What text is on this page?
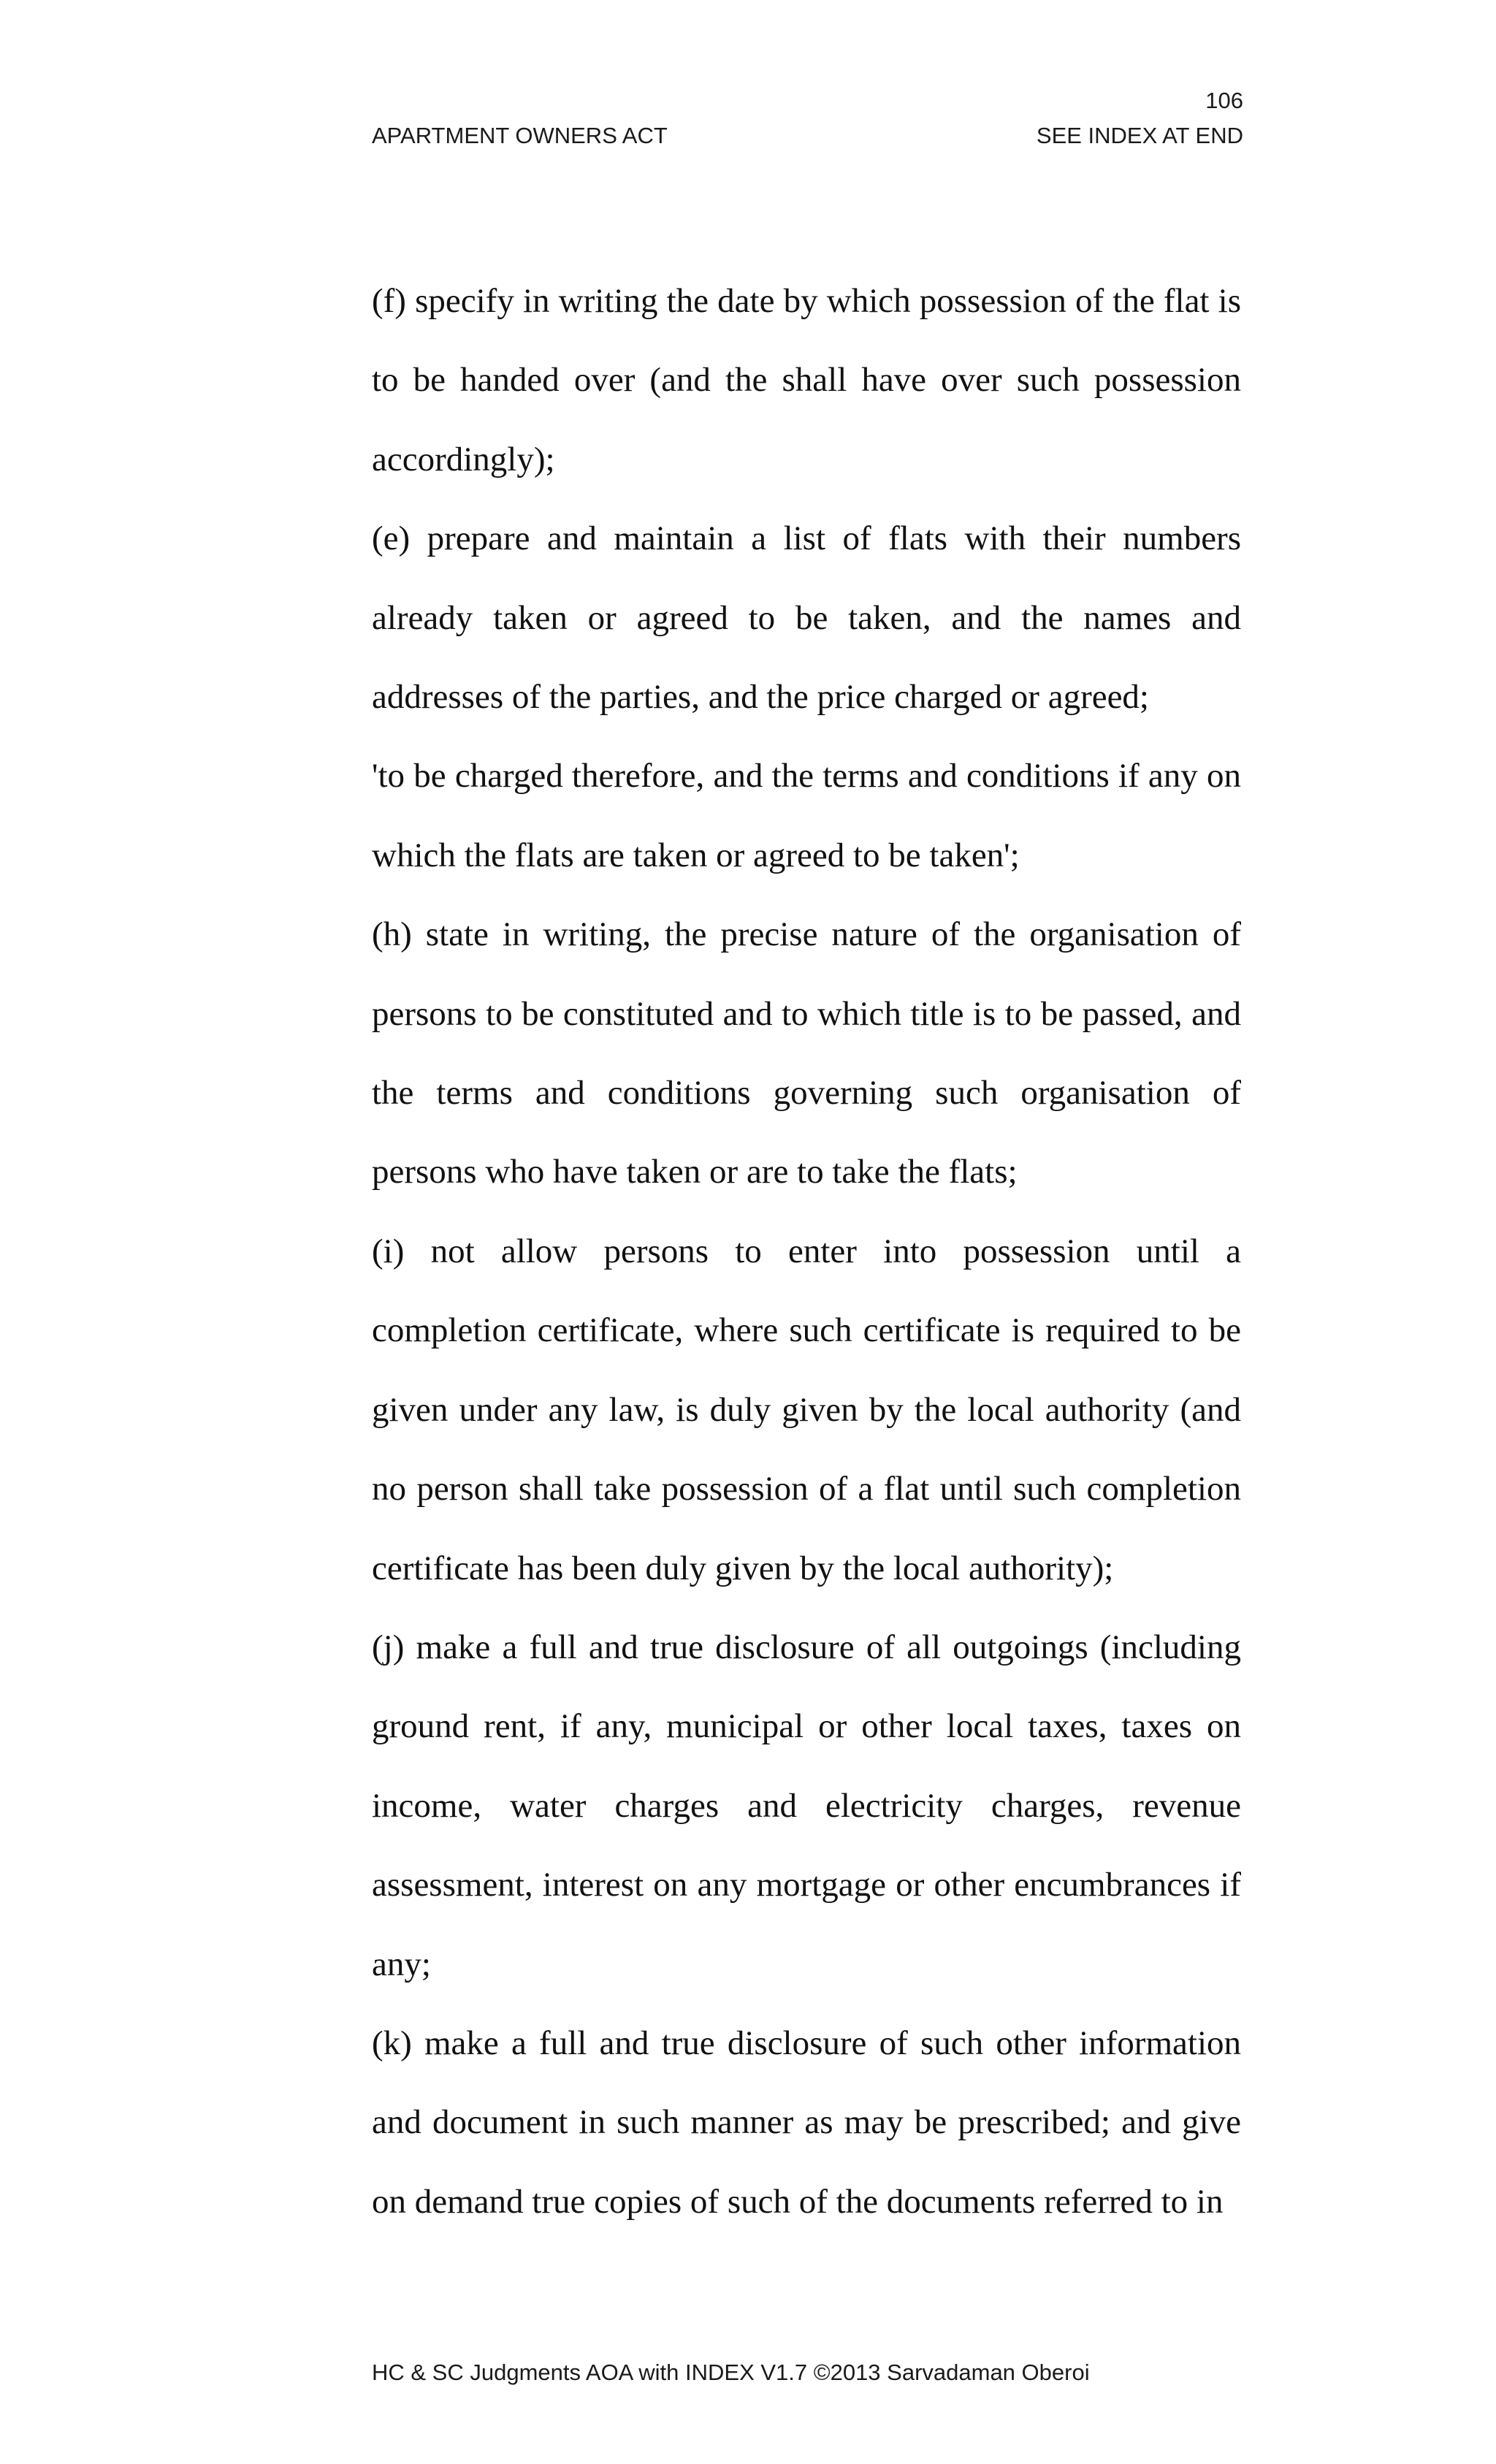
106
APARTMENT OWNERS ACT	SEE INDEX AT END

(f) specify in writing the date by which possession of the flat is to be handed over (and the shall have over such possession accordingly);

(e) prepare and maintain a list of flats with their numbers already taken or agreed to be taken, and the names and addresses of the parties, and the price charged or agreed;

'to be charged therefore, and the terms and conditions if any on which the flats are taken or agreed to be taken';

(h) state in writing, the precise nature of the organisation of persons to be constituted and to which title is to be passed, and the terms and conditions governing such organisation of persons who have taken or are to take the flats;

(i) not allow persons to enter into possession until a completion certificate, where such certificate is required to be given under any law, is duly given by the local authority (and no person shall take possession of a flat until such completion certificate has been duly given by the local authority);

(j) make a full and true disclosure of all outgoings (including ground rent, if any, municipal or other local taxes, taxes on income, water charges and electricity charges, revenue assessment, interest on any mortgage or other encumbrances if any;

(k) make a full and true disclosure of such other information and document in such manner as may be prescribed; and give on demand true copies of such of the documents referred to in

HC & SC Judgments AOA with INDEX V1.7 ©2013 Sarvadaman Oberoi
